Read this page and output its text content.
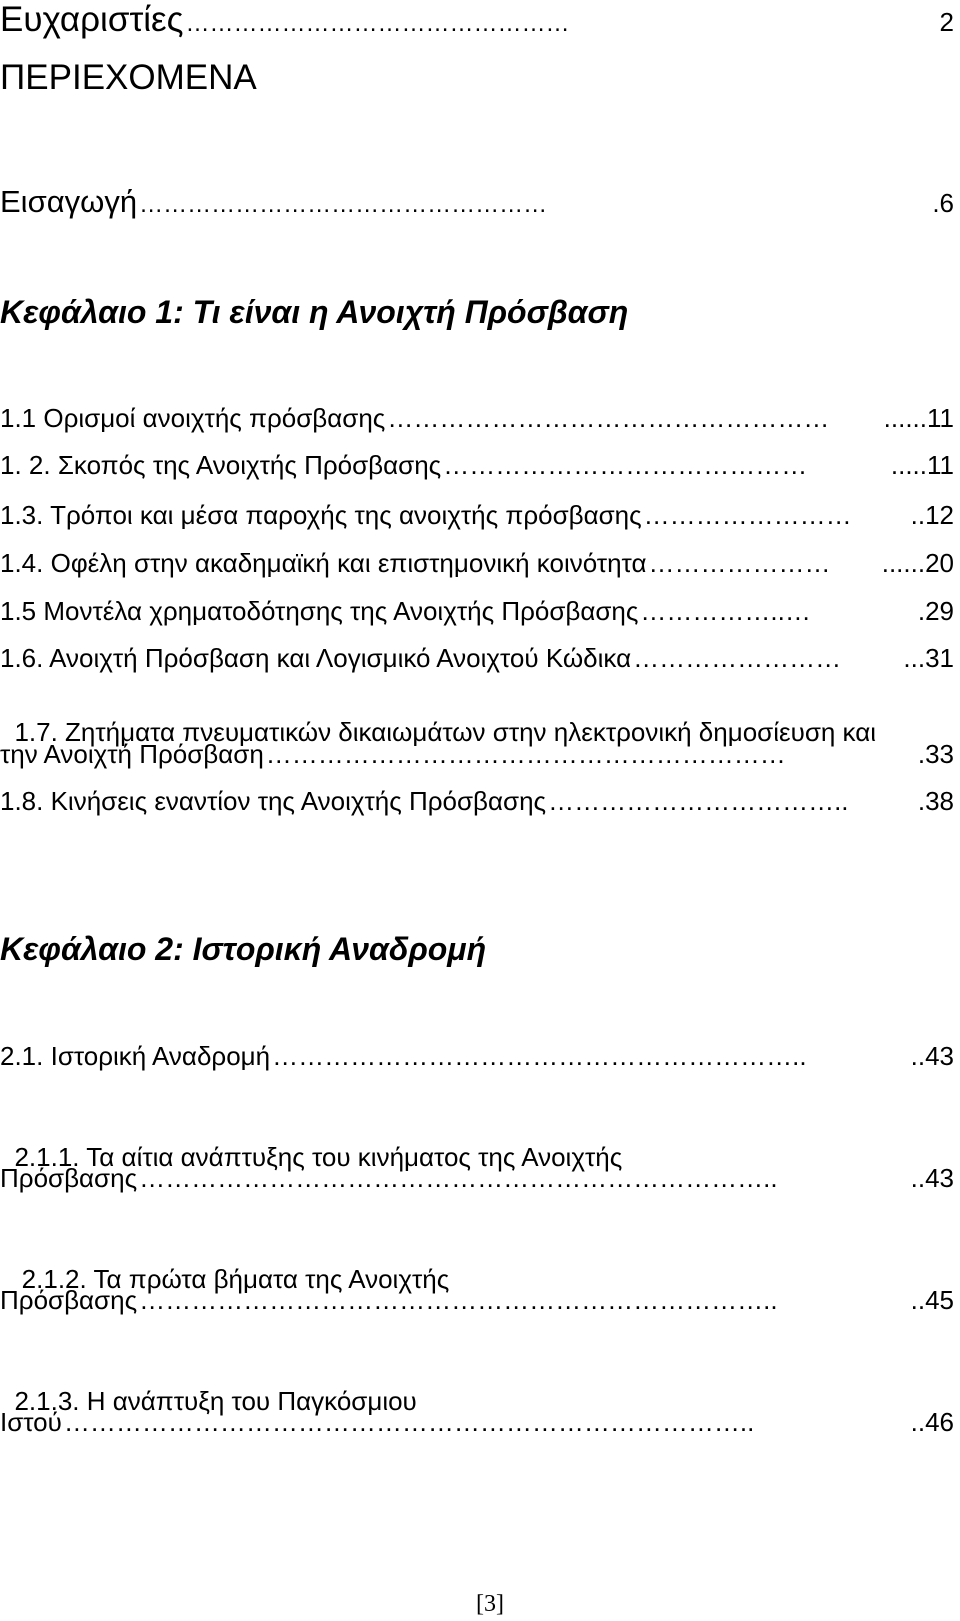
Ευχαριστίες …………………………………………	2
ΠΕΡΙΕΧΟΜΕΝΑ
Εισαγωγή ……………………………………………	.6
Κεφάλαιο 1: Τι είναι η Ανοιχτή Πρόσβαση
1.1 Ορισμοί ανοιχτής πρόσβασης ……………………………………………	......11
1. 2. Σκοπός της Ανοιχτής Πρόσβασης ……………………………………	.....11
1.3. Τρόποι και μέσα παροχής της ανοιχτής πρόσβασης ……………………	..12
1.4. Οφέλη στην ακαδημαϊκή και επιστημονική κοινότητα …………………	......20
1.5 Μοντέλα χρηματοδότησης της Ανοιχτής Πρόσβασης ……………..…	.29
1.6. Ανοιχτή Πρόσβαση και Λογισμικό Ανοιχτού Κώδικα ……………………	...31

1.7. Ζητήματα πνευματικών δικαιωμάτων στην ηλεκτρονική δημοσίευση και

την Ανοιχτή Πρόσβαση ……………………………………………………	.33
1.8. Κινήσεις εναντίον της Ανοιχτής Πρόσβασης ……………………………..	.38
Κεφάλαιο 2: Ιστορική Αναδρομή
2.1. Ιστορική Αναδρομή ……………………………………………………..	..43

2.1.1. Τα αίτια ανάπτυξης του κινήματος της Ανοιχτής

Πρόσβασης ………………………………………………………………..	..43

2.1.2. Τα πρώτα βήματα της Ανοιχτής

Πρόσβασης ………………………………………………………………..	..45

2.1.3. Η ανάπτυξη του Παγκόσμιου

Ιστού ……………………………………………………………………..	..46
[3]
